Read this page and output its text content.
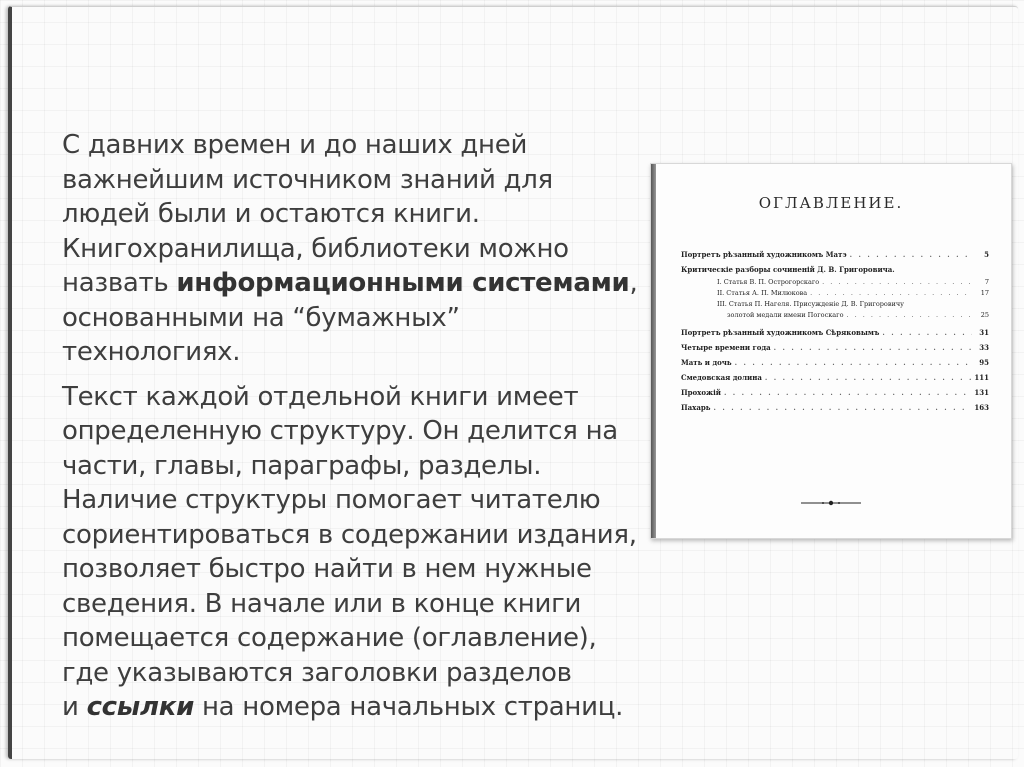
С давних времен и до наших дней
важнейшим источником знаний для
людей были и остаются книги.
Книгохранилища, библиотеки можно
назвать информационными системами,
основанными на “бумажных”
технологиях.

Текст каждой отдельной книги имеет
определенную структуру. Он делится на
части, главы, параграфы, разделы.
Наличие структуры помогает читателю
сориентироваться в содержании издания,
позволяет быстро найти в нем нужные
сведения. В начале или в конце книги
помещается содержание (оглавление),
где указываются заголовки разделов
и ссылки на номера начальных страниц.

ОГЛАВЛЕНИЕ.
Портретъ рѣзанный художникомъ Матэ . . .	5
Критическіе разборы сочиненій Д. В. Григоровича.
I. Статья В. П. Острогорскаго . . .	7
II. Статья А. П. Милюкова . . .	17
III. Статья П. Нагеля. Присужденіе Д. В. Григоровичу
золотой медали имени Погоскаго . . .	25
Портретъ рѣзанный художникомъ Сѣряковымъ . . .	31
Четыре времени года . . .	33
Мать и дочь . . .	95
Смедовская долина . . .	111
Прохожій . . .	131
Пахарь . . .	163
